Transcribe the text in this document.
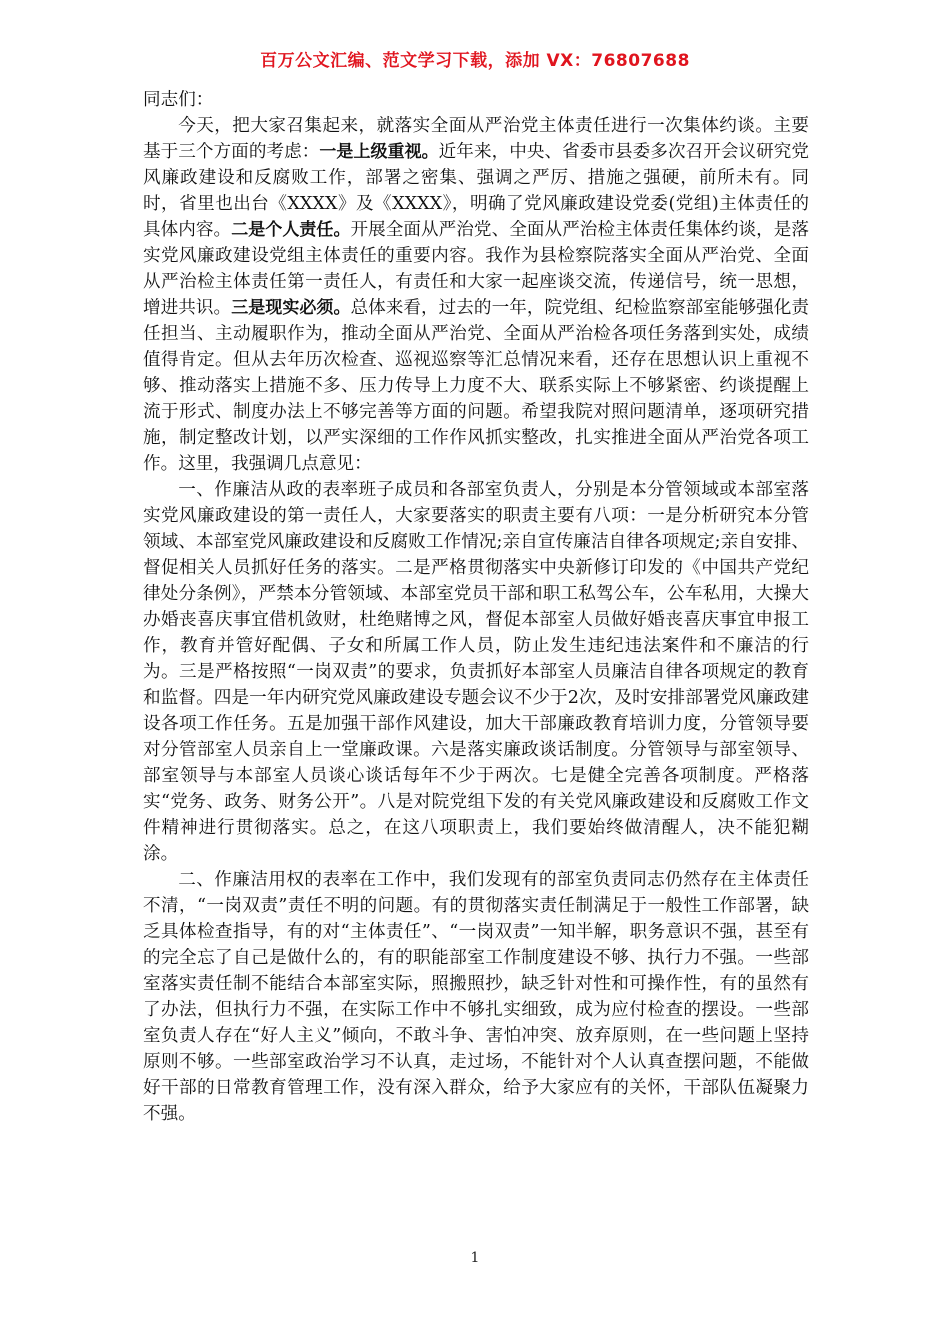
百万公文汇编、范文学习下载，添加 VX：76807688

同志们：

今天，把大家召集起来，就落实全面从严治党主体责任进行一次集体约谈。主要基于三个方面的考虑：一是上级重视。近年来，中央、省委市县委多次召开会议研究党风廉政建设和反腐败工作，部署之密集、强调之严厉、措施之强硬，前所未有。同时，省里也出台《XXXX》及《XXXX》，明确了党风廉政建设党委(党组)主体责任的具体内容。二是个人责任。开展全面从严治党、全面从严治检主体责任集体约谈，是落实党风廉政建设党组主体责任的重要内容。我作为县检察院落实全面从严治党、全面从严治检主体责任第一责任人，有责任和大家一起座谈交流，传递信号，统一思想，增进共识。三是现实必须。总体来看，过去的一年，院党组、纪检监察部室能够强化责任担当、主动履职作为，推动全面从严治党、全面从严治检各项任务落到实处，成绩值得肯定。但从去年历次检查、巡视巡察等汇总情况来看，还存在思想认识上重视不够、推动落实上措施不多、压力传导上力度不大、联系实际上不够紧密、约谈提醒上流于形式、制度办法上不够完善等方面的问题。希望我院对照问题清单，逐项研究措施，制定整改计划，以严实深细的工作作风抓实整改，扎实推进全面从严治党各项工作。这里，我强调几点意见：

一、作廉洁从政的表率班子成员和各部室负责人，分别是本分管领域或本部室落实党风廉政建设的第一责任人，大家要落实的职责主要有八项：一是分析研究本分管领域、本部室党风廉政建设和反腐败工作情况;亲自宣传廉洁自律各项规定;亲自安排、督促相关人员抓好任务的落实。二是严格贯彻落实中央新修订印发的《中国共产党纪律处分条例》，严禁本分管领域、本部室党员干部和职工私驾公车，公车私用，大操大办婚丧喜庆事宜借机敛财，杜绝赌博之风，督促本部室人员做好婚丧喜庆事宜申报工作，教育并管好配偶、子女和所属工作人员，防止发生违纪违法案件和不廉洁的行为。三是严格按照“一岗双责”的要求，负责抓好本部室人员廉洁自律各项规定的教育和监督。四是一年内研究党风廉政建设专题会议不少于2次，及时安排部署党风廉政建设各项工作任务。五是加强干部作风建设，加大干部廉政教育培训力度，分管领导要对分管部室人员亲自上一堂廉政课。六是落实廉政谈话制度。分管领导与部室领导、部室领导与本部室人员谈心谈话每年不少于两次。七是健全完善各项制度。严格落实“党务、政务、财务公开”。八是对院党组下发的有关党风廉政建设和反腐败工作文件精神进行贯彻落实。总之，在这八项职责上，我们要始终做清醒人，决不能犯糊涂。

二、作廉洁用权的表率在工作中，我们发现有的部室负责同志仍然存在主体责任不清，“一岗双责”责任不明的问题。有的贯彻落实责任制满足于一般性工作部署，缺乏具体检查指导，有的对“主体责任”、“一岗双责”一知半解，职务意识不强，甚至有的完全忘了自己是做什么的，有的职能部室工作制度建设不够、执行力不强。一些部室落实责任制不能结合本部室实际，照搬照抄，缺乏针对性和可操作性，有的虽然有了办法，但执行力不强，在实际工作中不够扎实细致，成为应付检查的摆设。一些部室负责人存在“好人主义”倾向，不敢斗争、害怕冲突、放弃原则，在一些问题上坚持原则不够。一些部室政治学习不认真，走过场，不能针对个人认真查摆问题，不能做好干部的日常教育管理工作，没有深入群众，给予大家应有的关怀，干部队伍凝聚力不强。

1
